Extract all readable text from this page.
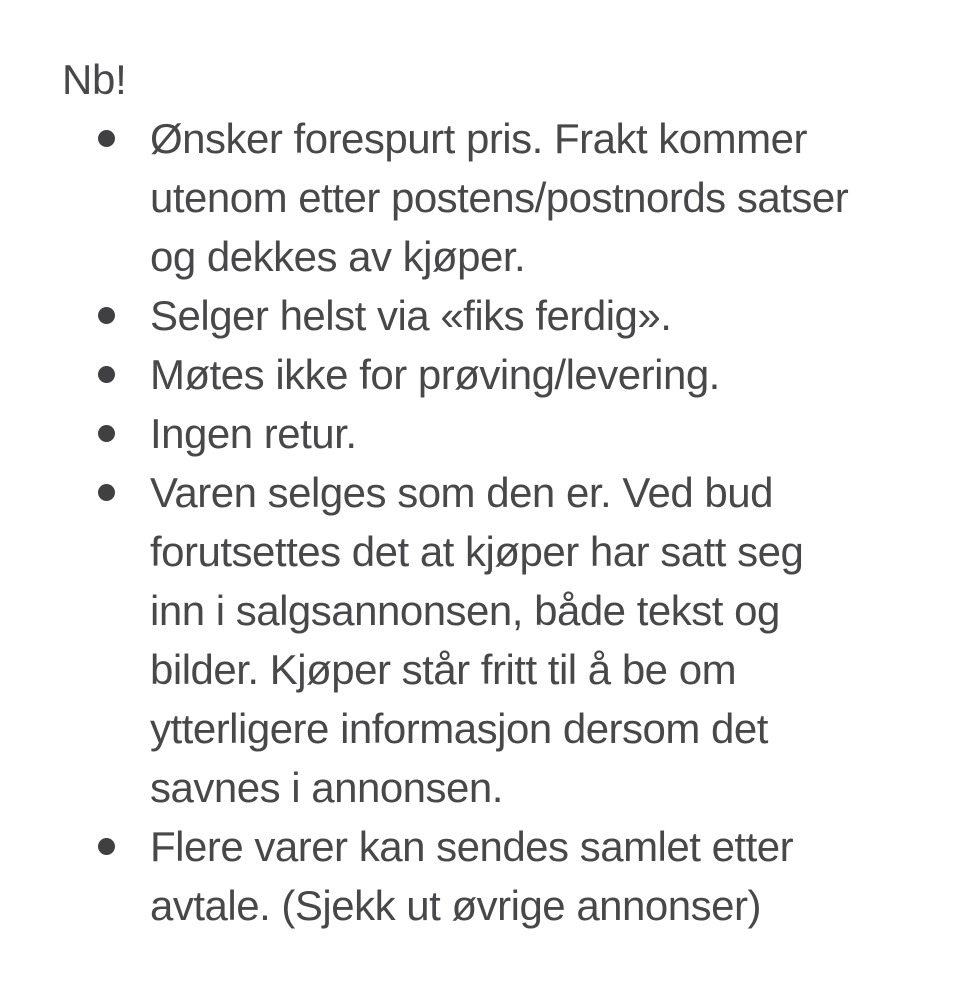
Nb!
Ønsker forespurt pris. Frakt kommer
utenom etter postens/postnords satser
og dekkes av kjøper.
Selger helst via «fiks ferdig».
Møtes ikke for prøving/levering.
Ingen retur.
Varen selges som den er. Ved bud
forutsettes det at kjøper har satt seg
inn i salgsannonsen, både tekst og
bilder. Kjøper står fritt til å be om
ytterligere informasjon dersom det
savnes i annonsen.
Flere varer kan sendes samlet etter
avtale. (Sjekk ut øvrige annonser)
